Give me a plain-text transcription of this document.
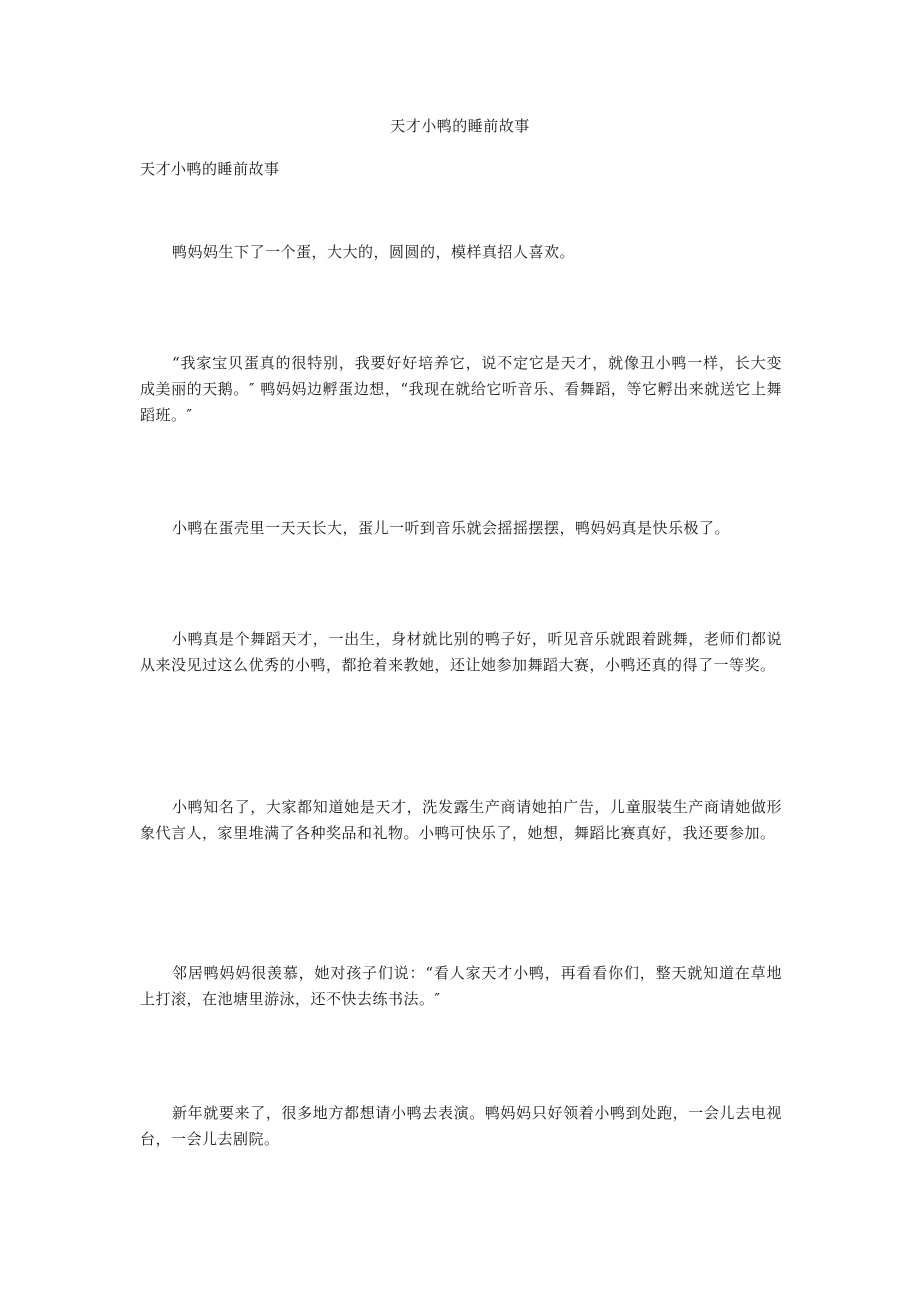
天才小鸭的睡前故事
天才小鸭的睡前故事

鸭妈妈生下了一个蛋，大大的，圆圆的，模样真招人喜欢。

“我家宝贝蛋真的很特别，我要好好培养它，说不定它是天才，就像丑小鸭一样，长大变成美丽的天鹅。″ 鸭妈妈边孵蛋边想，“我现在就给它听音乐、看舞蹈，等它孵出来就送它上舞蹈班。″

小鸭在蛋壳里一天天长大，蛋儿一听到音乐就会摇摇摆摆，鸭妈妈真是快乐极了。

小鸭真是个舞蹈天才，一出生，身材就比别的鸭子好，听见音乐就跟着跳舞，老师们都说从来没见过这么优秀的小鸭，都抢着来教她，还让她参加舞蹈大赛，小鸭还真的得了一等奖。

小鸭知名了，大家都知道她是天才，洗发露生产商请她拍广告，儿童服装生产商请她做形象代言人，家里堆满了各种奖品和礼物。小鸭可快乐了，她想，舞蹈比赛真好，我还要参加。

邻居鸭妈妈很羡慕，她对孩子们说：“看人家天才小鸭，再看看你们，整天就知道在草地上打滚，在池塘里游泳，还不快去练书法。″

新年就要来了，很多地方都想请小鸭去表演。鸭妈妈只好领着小鸭到处跑，一会儿去电视台，一会儿去剧院。
